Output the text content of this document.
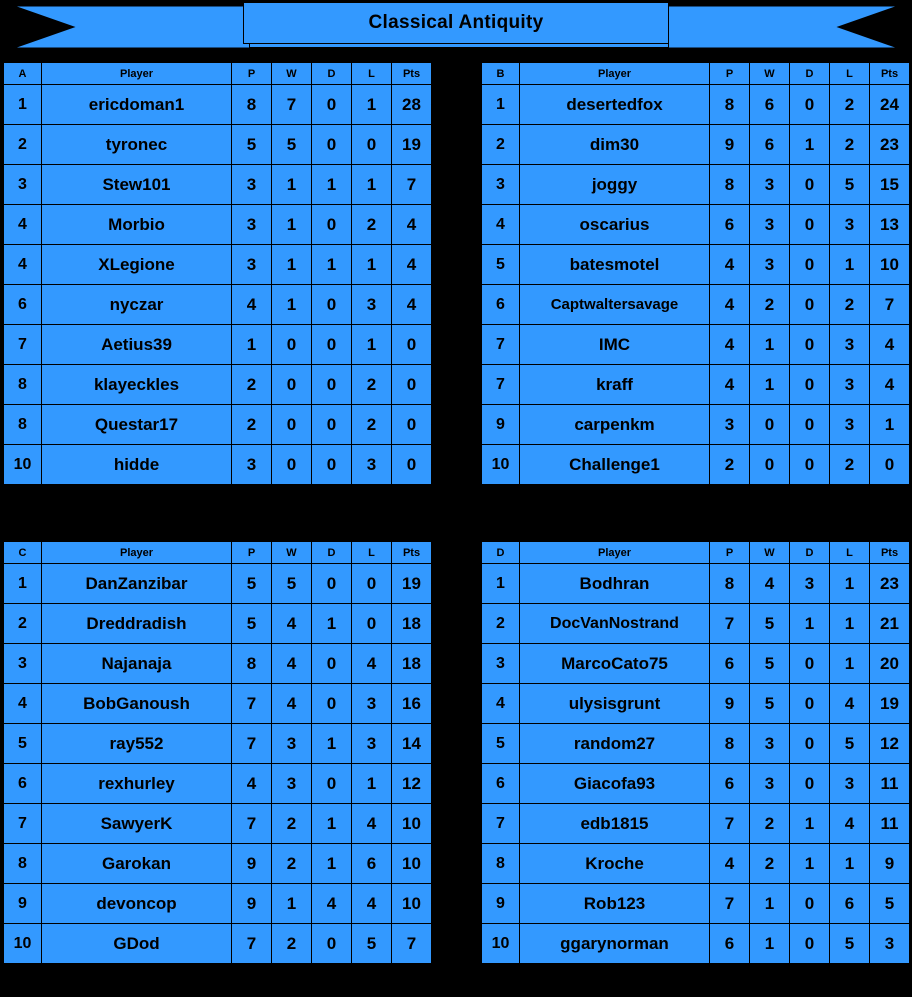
Classical Antiquity
A	Player	P	W	D	L	Pts
1	ericdoman1	8	7	0	1	28
2	tyronec	5	5	0	0	19
3	Stew101	3	1	1	1	7
4	Morbio	3	1	0	2	4
4	XLegione	3	1	1	1	4
6	nyczar	4	1	0	3	4
7	Aetius39	1	0	0	1	0
8	klayeckles	2	0	0	2	0
8	Questar17	2	0	0	2	0
10	hidde	3	0	0	3	0
B	Player	P	W	D	L	Pts
1	desertedfox	8	6	0	2	24
2	dim30	9	6	1	2	23
3	joggy	8	3	0	5	15
4	oscarius	6	3	0	3	13
5	batesmotel	4	3	0	1	10
6	Captwaltersavage	4	2	0	2	7
7	IMC	4	1	0	3	4
7	kraff	4	1	0	3	4
9	carpenkm	3	0	0	3	1
10	Challenge1	2	0	0	2	0
C	Player	P	W	D	L	Pts
1	DanZanzibar	5	5	0	0	19
2	Dreddradish	5	4	1	0	18
3	Najanaja	8	4	0	4	18
4	BobGanoush	7	4	0	3	16
5	ray552	7	3	1	3	14
6	rexhurley	4	3	0	1	12
7	SawyerK	7	2	1	4	10
8	Garokan	9	2	1	6	10
9	devoncop	9	1	4	4	10
10	GDod	7	2	0	5	7
D	Player	P	W	D	L	Pts
1	Bodhran	8	4	3	1	23
2	DocVanNostrand	7	5	1	1	21
3	MarcoCato75	6	5	0	1	20
4	ulysisgrunt	9	5	0	4	19
5	random27	8	3	0	5	12
6	Giacofa93	6	3	0	3	11
7	edb1815	7	2	1	4	11
8	Kroche	4	2	1	1	9
9	Rob123	7	1	0	6	5
10	ggarynorman	6	1	0	5	3
